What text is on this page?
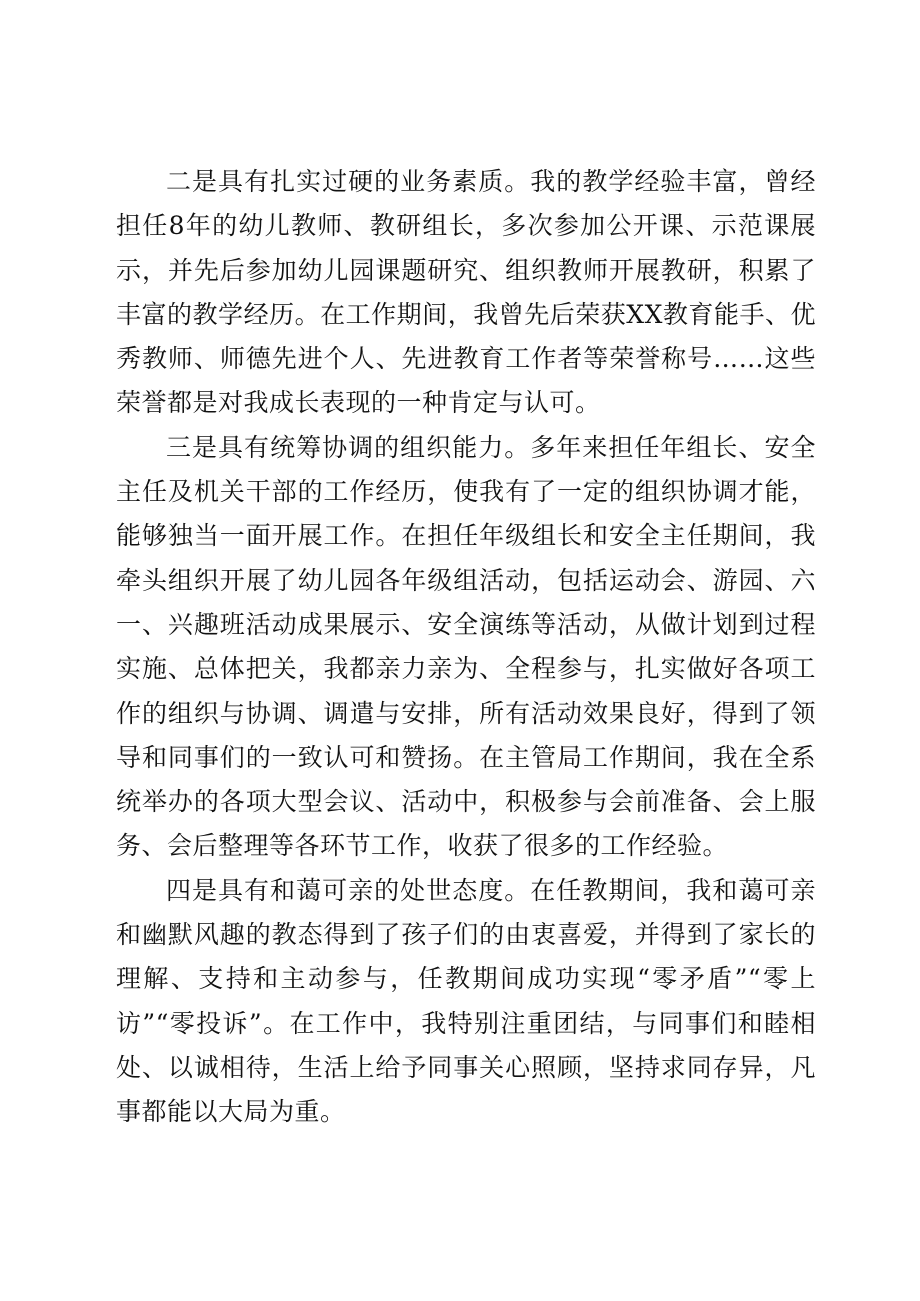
二是具有扎实过硬的业务素质。我的教学经验丰富，曾经担任8年的幼儿教师、教研组长，多次参加公开课、示范课展示，并先后参加幼儿园课题研究、组织教师开展教研，积累了丰富的教学经历。在工作期间，我曾先后荣获XX教育能手、优秀教师、师德先进个人、先进教育工作者等荣誉称号……这些荣誉都是对我成长表现的一种肯定与认可。

三是具有统筹协调的组织能力。多年来担任年组长、安全主任及机关干部的工作经历，使我有了一定的组织协调才能，能够独当一面开展工作。在担任年级组长和安全主任期间，我牵头组织开展了幼儿园各年级组活动，包括运动会、游园、六一、兴趣班活动成果展示、安全演练等活动，从做计划到过程实施、总体把关，我都亲力亲为、全程参与，扎实做好各项工作的组织与协调、调遣与安排，所有活动效果良好，得到了领导和同事们的一致认可和赞扬。在主管局工作期间，我在全系统举办的各项大型会议、活动中，积极参与会前准备、会上服务、会后整理等各环节工作，收获了很多的工作经验。

四是具有和蔼可亲的处世态度。在任教期间，我和蔼可亲和幽默风趣的教态得到了孩子们的由衷喜爱，并得到了家长的理解、支持和主动参与，任教期间成功实现“零矛盾”“零上访”“零投诉”。在工作中，我特别注重团结，与同事们和睦相处、以诚相待，生活上给予同事关心照顾，坚持求同存异，凡事都能以大局为重。
